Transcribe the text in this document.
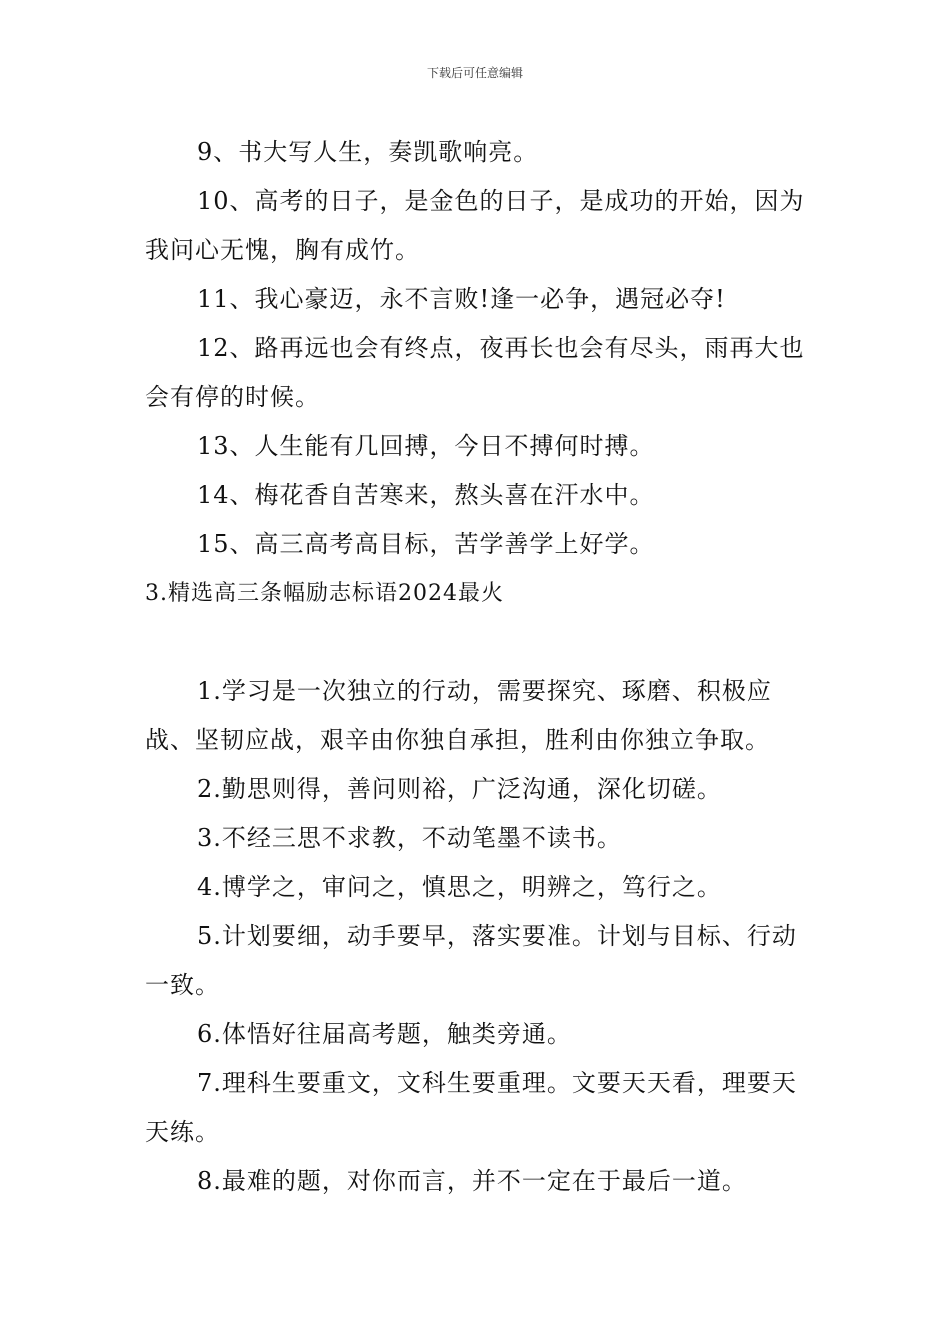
下载后可任意编辑

9、书大写人生，奏凯歌响亮。

10、高考的日子，是金色的日子，是成功的开始，因为我问心无愧，胸有成竹。

11、我心豪迈，永不言败!逢一必争，遇冠必夺!

12、路再远也会有终点，夜再长也会有尽头，雨再大也会有停的时候。

13、人生能有几回搏，今日不搏何时搏。

14、梅花香自苦寒来，熬头喜在汗水中。

15、高三高考高目标，苦学善学上好学。

3.精选高三条幅励志标语2024最火

1.学习是一次独立的行动，需要探究、琢磨、积极应战、坚韧应战，艰辛由你独自承担，胜利由你独立争取。

2.勤思则得，善问则裕，广泛沟通，深化切磋。

3.不经三思不求教，不动笔墨不读书。

4.博学之，审问之，慎思之，明辨之，笃行之。

5.计划要细，动手要早，落实要准。计划与目标、行动一致。

6.体悟好往届高考题，触类旁通。

7.理科生要重文，文科生要重理。文要天天看，理要天天练。

8.最难的题，对你而言，并不一定在于最后一道。
